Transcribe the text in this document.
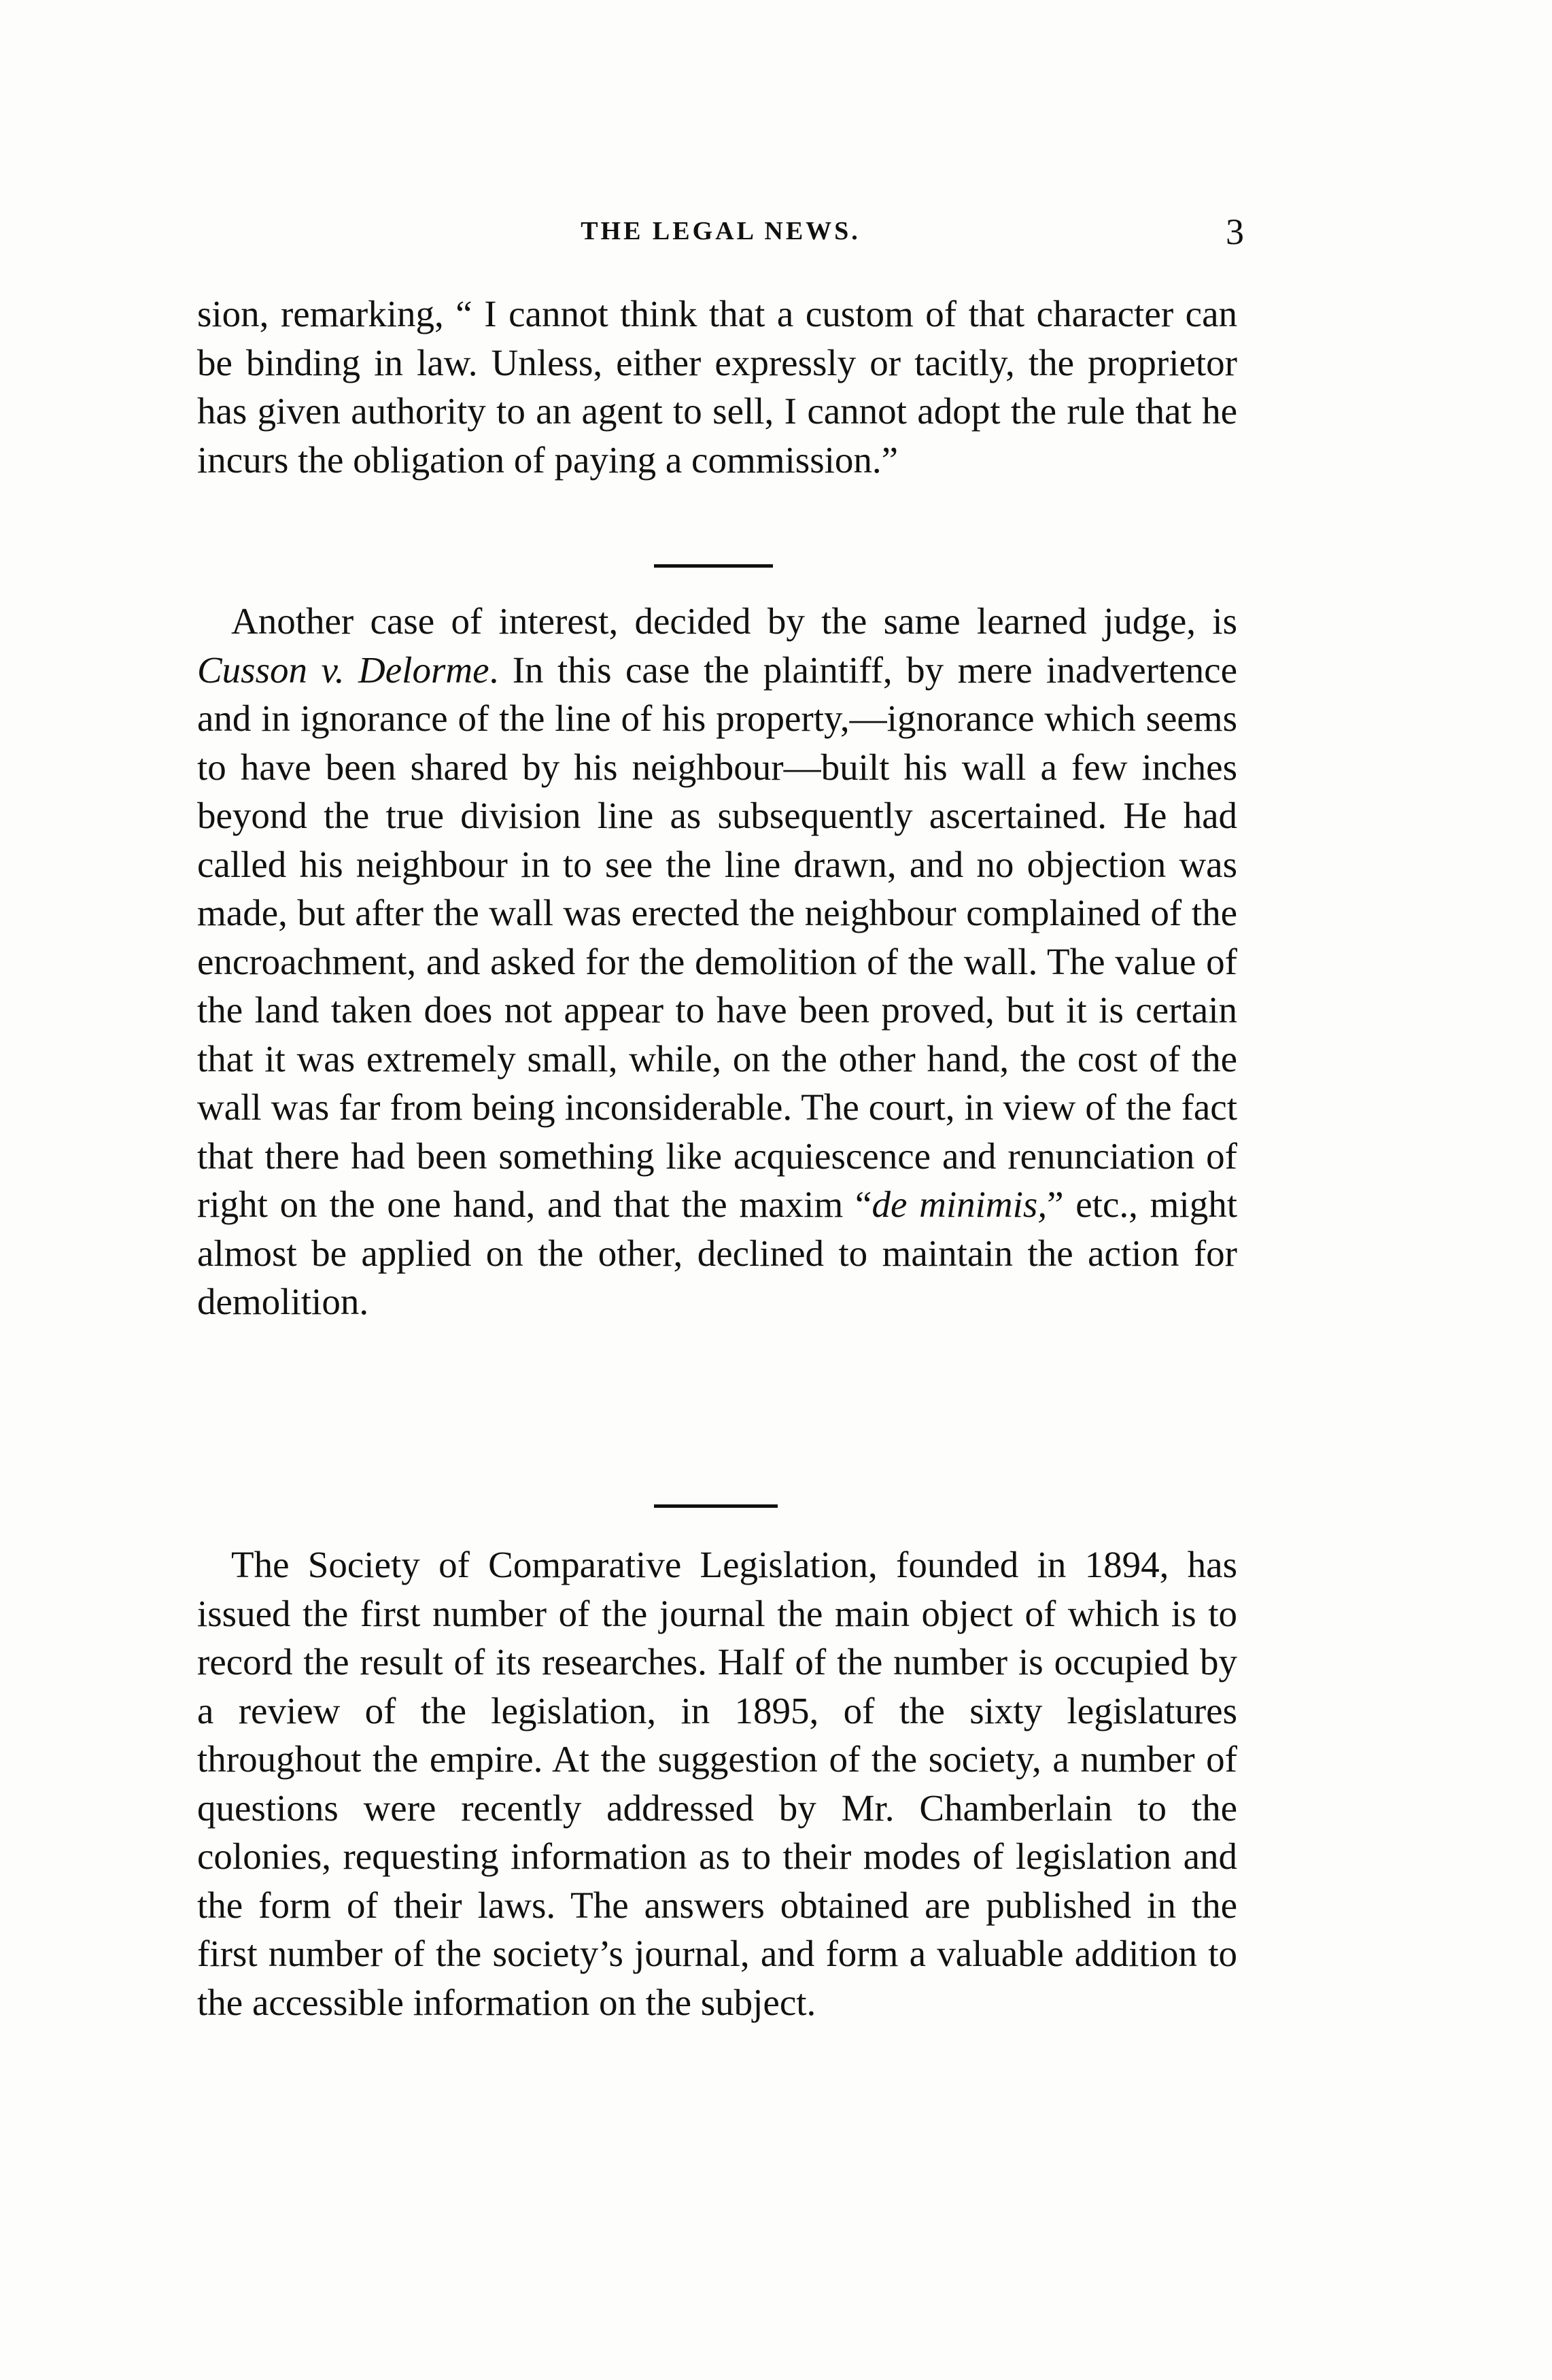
THE LEGAL NEWS.	3

sion, remarking, “ I cannot think that a custom of that character can be binding in law. Unless, either expressly or tacitly, the proprietor has given authority to an agent to sell, I cannot adopt the rule that he incurs the obligation of paying a commission.”

Another case of interest, decided by the same learned judge, is Cusson v. Delorme. In this case the plaintiff, by mere inadvertence and in ignorance of the line of his property,—ignorance which seems to have been shared by his neighbour—built his wall a few inches beyond the true division line as subsequently ascertained. He had called his neighbour in to see the line drawn, and no objection was made, but after the wall was erected the neighbour complained of the encroachment, and asked for the demolition of the wall. The value of the land taken does not appear to have been proved, but it is certain that it was extremely small, while, on the other hand, the cost of the wall was far from being inconsiderable. The court, in view of the fact that there had been something like acquiescence and renunciation of right on the one hand, and that the maxim “de minimis,” etc., might almost be applied on the other, declined to maintain the action for demolition.

The Society of Comparative Legislation, founded in 1894, has issued the first number of the journal the main object of which is to record the result of its researches. Half of the number is occupied by a review of the legislation, in 1895, of the sixty legislatures throughout the empire. At the suggestion of the society, a number of questions were recently addressed by Mr. Chamberlain to the colonies, requesting information as to their modes of legislation and the form of their laws. The answers obtained are published in the first number of the society’s journal, and form a valuable addition to the accessible information on the subject.
